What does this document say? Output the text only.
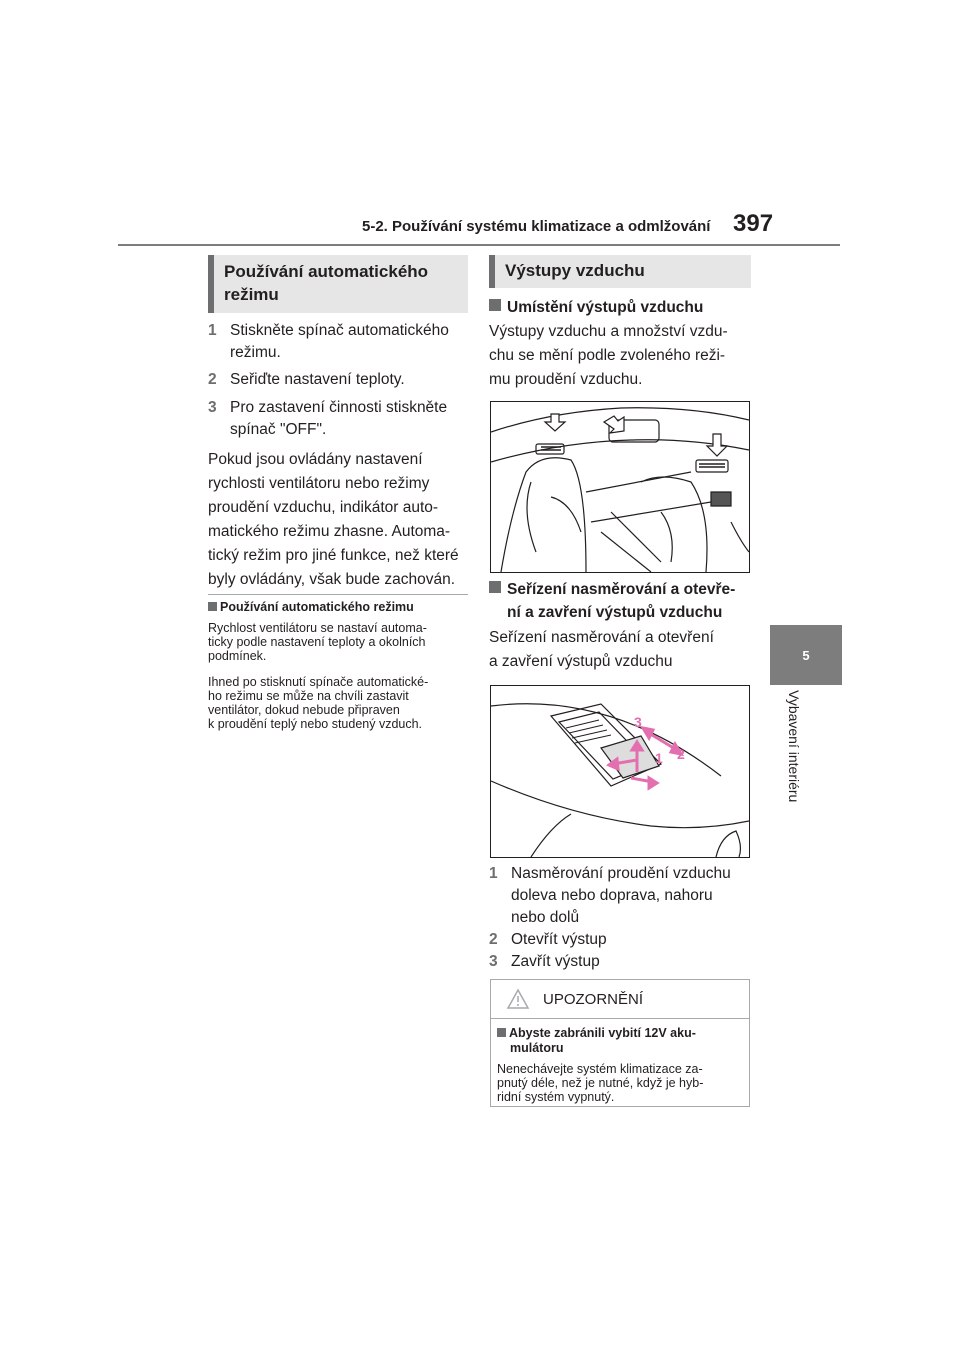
5-2. Používání systému klimatizace a odmlžování 397
5
Vybavení interiéru
Používání automatického
režimu
1 Stiskněte spínač automatického režimu.
2 Seřiďte nastavení teploty.
3 Pro zastavení činnosti stiskněte spínač "OFF".
Pokud jsou ovládány nastavení
rychlosti ventilátoru nebo režimy
proudění vzduchu, indikátor auto-
matického režimu zhasne. Automa-
tický režim pro jiné funkce, než které
byly ovládány, však bude zachován.
Používání automatického režimu
Rychlost ventilátoru se nastaví automa-
ticky podle nastavení teploty a okolních
podmínek.
Ihned po stisknutí spínače automatické-
ho režimu se může na chvíli zastavit
ventilátor, dokud nebude připraven
k proudění teplý nebo studený vzduch.
Výstupy vzduchu
Umístění výstupů vzduchu
Výstupy vzduchu a množství vzdu-
chu se mění podle zvoleného reži-
mu proudění vzduchu.
Seřízení nasměrování a otevře-
ní a zavření výstupů vzduchu
Seřízení nasměrování a otevření
a zavření výstupů vzduchu
3
2
1
1 Nasměrování proudění vzduchu
doleva nebo doprava, nahoru
nebo dolů
2 Otevřít výstup
3 Zavřít výstup
UPOZORNĚNÍ
Abyste zabránili vybití 12V aku-
mulátoru
Nenechávejte systém klimatizace za-
pnutý déle, než je nutné, když je hyb-
ridní systém vypnutý.
